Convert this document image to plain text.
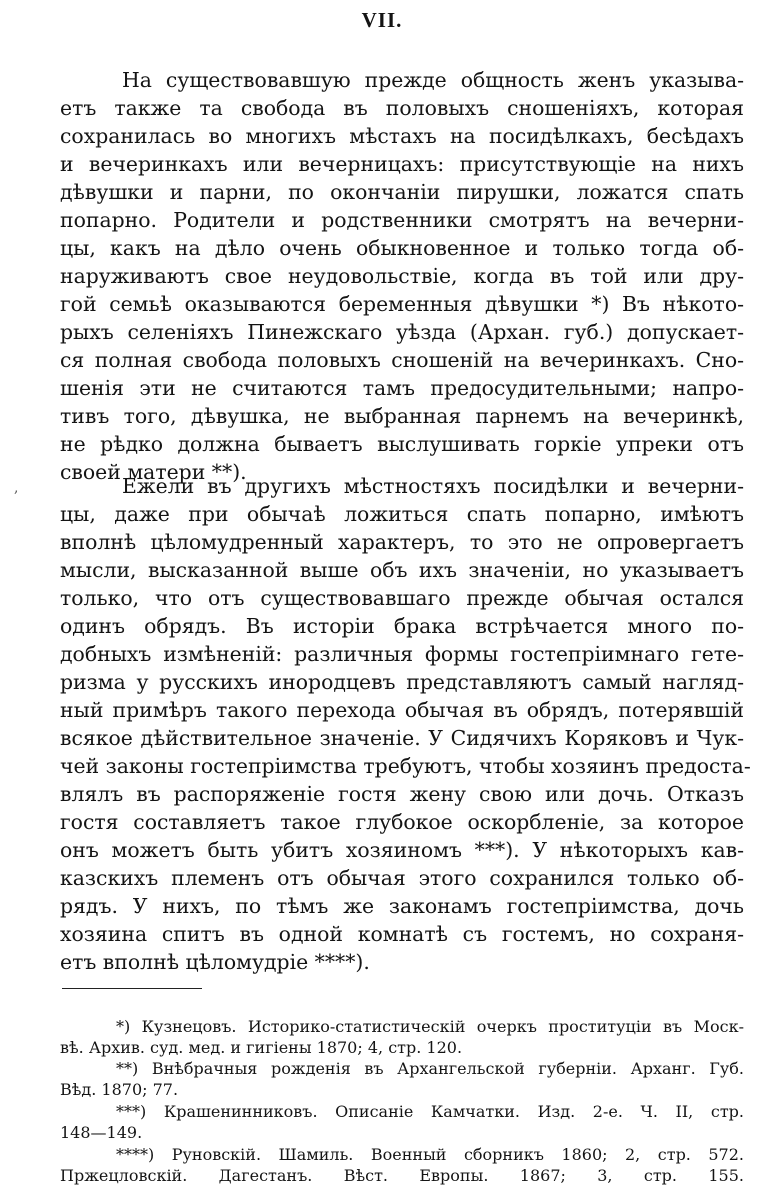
VII.
,
На существовавшую прежде общность женъ указыва-
етъ также та свобода въ половыхъ сношеніяхъ, которая
сохранилась во многихъ мѣстахъ на посидѣлкахъ, бесѣдахъ
и вечеринкахъ или вечерницахъ: присутствующіе на нихъ
дѣвушки и парни, по окончаніи пирушки, ложатся спать
попарно. Родители и родственники смотрятъ на вечерни-
цы, какъ на дѣло очень обыкновенное и только тогда об-
наруживаютъ свое неудовольствіе, когда въ той или дру-
гой семьѣ оказываются беременныя дѣвушки *) Въ нѣкото-
рыхъ селеніяхъ Пинежскаго уѣзда (Архан. губ.) допускает-
ся полная свобода половыхъ сношеній на вечеринкахъ. Сно-
шенія эти не считаются тамъ предосудительными; напро-
тивъ того, дѣвушка, не выбранная парнемъ на вечеринкѣ,
не рѣдко должна бываетъ выслушивать горкіе упреки отъ
своей матери **).
Ежели въ другихъ мѣстностяхъ посидѣлки и вечерни-
цы, даже при обычаѣ ложиться спать попарно, имѣютъ
вполнѣ цѣломудренный характеръ, то это не опровергаетъ
мысли, высказанной выше объ ихъ значеніи, но указываетъ
только, что отъ существовавшаго прежде обычая остался
одинъ обрядъ. Въ исторіи брака встрѣчается много по-
добныхъ измѣненій: различныя формы гостепріимнаго гете-
ризма у русскихъ инородцевъ представляютъ самый нагляд-
ный примѣръ такого перехода обычая въ обрядъ, потерявшій
всякое дѣйствительное значеніе. У Сидячихъ Коряковъ и Чук-
чей законы гостепріимства требуютъ, чтобы хозяинъ предоста-
влялъ въ распоряженіе гостя жену свою или дочь. Отказъ
гостя составляетъ такое глубокое оскорбленіе, за которое
онъ можетъ быть убитъ хозяиномъ ***). У нѣкоторыхъ кав-
казскихъ племенъ отъ обычая этого сохранился только об-
рядъ. У нихъ, по тѣмъ же законамъ гостепріимства, дочь
хозяина спитъ въ одной комнатѣ съ гостемъ, но сохраня-
етъ вполнѣ цѣломудріе ****).
*) Кузнецовъ. Историко-статистическій очеркъ проституціи въ Моск-
вѣ. Архив. суд. мед. и гигіены 1870; 4, стр. 120.
**) Внѣбрачныя рожденія въ Архангельской губерніи. Арханг. Губ.
Вѣд. 1870; 77.
***) Крашенинниковъ. Описаніе Камчатки. Изд. 2-е. Ч. II, стр.
148—149.
****) Руновскій. Шамиль. Военный сборникъ 1860; 2, стр. 572.
Пржецловскій. Дагестанъ. Вѣст. Европы. 1867; 3, стр. 155.
